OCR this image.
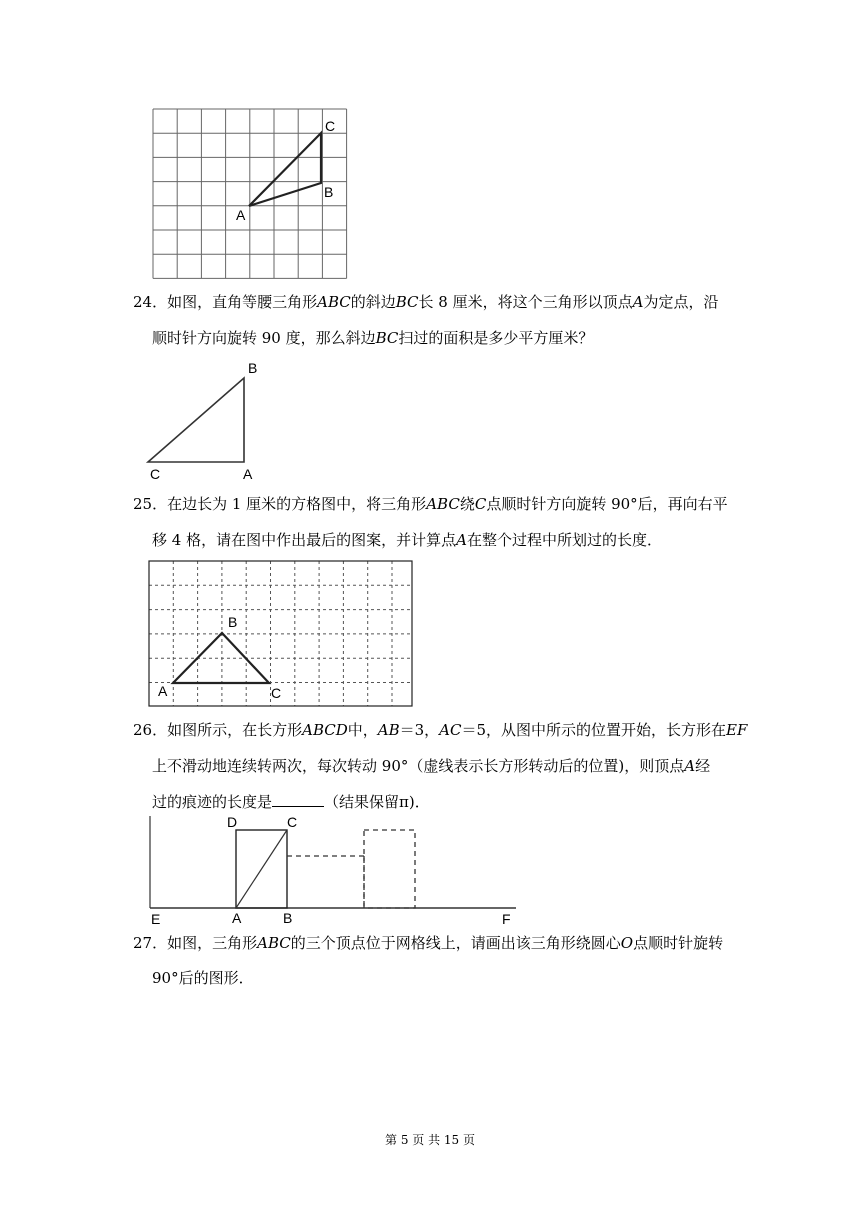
C
B
A
24．如图，直角等腰三角形ABC的斜边BC长 8 厘米，将这个三角形以顶点A为定点，沿
顺时针方向旋转 90 度，那么斜边BC扫过的面积是多少平方厘米？
B
C	A
25．在边长为 1 厘米的方格图中，将三角形ABC绕C点顺时针方向旋转 90°后，再向右平
移 4 格，请在图中作出最后的图案，并计算点A在整个过程中所划过的长度．
B
A	C
26．如图所示，在长方形ABCD中，AB＝3，AC＝5，从图中所示的位置开始，长方形在EF
上不滑动地连续转两次，每次转动 90°（虚线表示长方形转动后的位置)，则顶点A经
过的痕迹的长度是	（结果保留π)．
D	C
E	A	B	F
27．如图，三角形ABC的三个顶点位于网格线上，请画出该三角形绕圆心O点顺时针旋转
90°后的图形．
第 5 页 共 15 页
